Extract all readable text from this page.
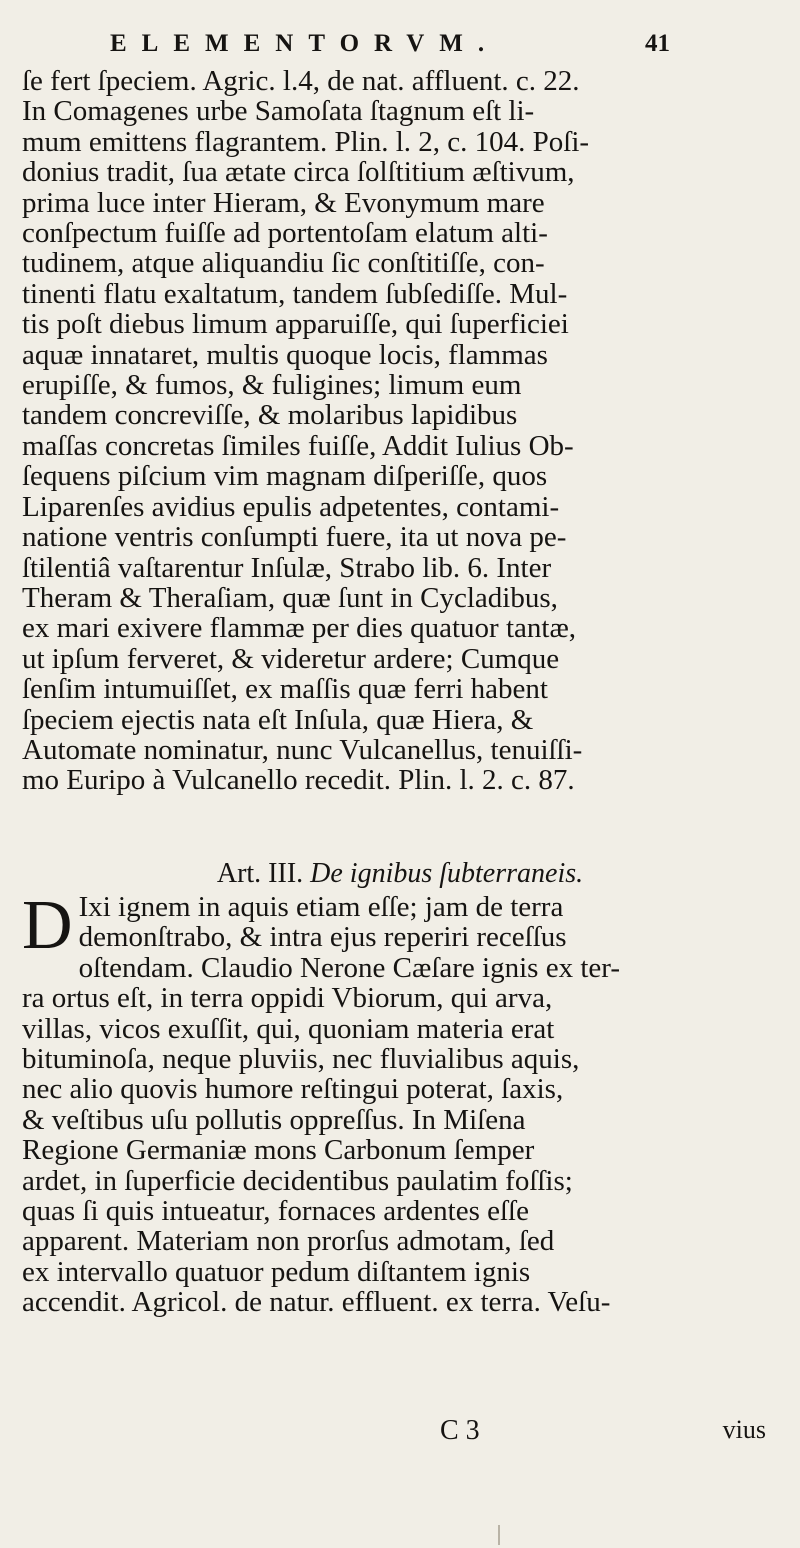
ELEMENTORVM.	41
ſe fert ſpeciem. Agric. l.4, de nat. affluent. c. 22.
In Comagenes urbe Samoſata ſtagnum eſt li-
mum emittens flagrantem. Plin. l. 2, c. 104. Poſi-
donius tradit, ſua ætate circa ſolſtitium æſtivum,
prima luce inter Hieram, & Evonymum mare
conſpectum fuiſſe ad portentoſam elatum alti-
tudinem, atque aliquandiu ſic conſtitiſſe, con-
tinenti flatu exaltatum, tandem ſubſediſſe. Mul-
tis poſt diebus limum apparuiſſe, qui ſuperficiei
aquæ innataret, multis quoque locis, flammas
erupiſſe, & fumos, & fuligines; limum eum
tandem concreviſſe, & molaribus lapidibus
maſſas concretas ſimiles fuiſſe, Addit Iulius Ob-
ſequens piſcium vim magnam diſperiſſe, quos
Liparenſes avidius epulis adpetentes, contami-
natione ventris conſumpti fuere, ita ut nova pe-
ſtilentiâ vaſtarentur Inſulæ, Strabo lib. 6. Inter
Theram & Theraſiam, quæ ſunt in Cycladibus,
ex mari exivere flammæ per dies quatuor tantæ,
ut ipſum ferveret, & videretur ardere; Cumque
ſenſim intumuiſſet, ex maſſis quæ ferri habent
ſpeciem ejectis nata eſt Inſula, quæ Hiera, &
Automate nominatur, nunc Vulcanellus, tenuiſſi-
mo Euripo à Vulcanello recedit. Plin. l. 2. c. 87.
Art. III. De ignibus ſubterraneis.
D Ixi ignem in aquis etiam eſſe; jam de terra
demonſtrabo, & intra ejus reperiri receſſus
oſtendam. Claudio Nerone Cæſare ignis ex ter-
ra ortus eſt, in terra oppidi Vbiorum, qui arva,
villas, vicos exuſſit, qui, quoniam materia erat
bituminoſa, neque pluviis, nec fluvialibus aquis,
nec alio quovis humore reſtingui poterat, ſaxis,
& veſtibus uſu pollutis oppreſſus. In Miſena
Regione Germaniæ mons Carbonum ſemper
ardet, in ſuperficie decidentibus paulatim foſſis;
quas ſi quis intueatur, fornaces ardentes eſſe
apparent. Materiam non prorſus admotam, ſed
ex intervallo quatuor pedum diſtantem ignis
accendit. Agricol. de natur. effluent. ex terra. Veſu-
C 3	vius
